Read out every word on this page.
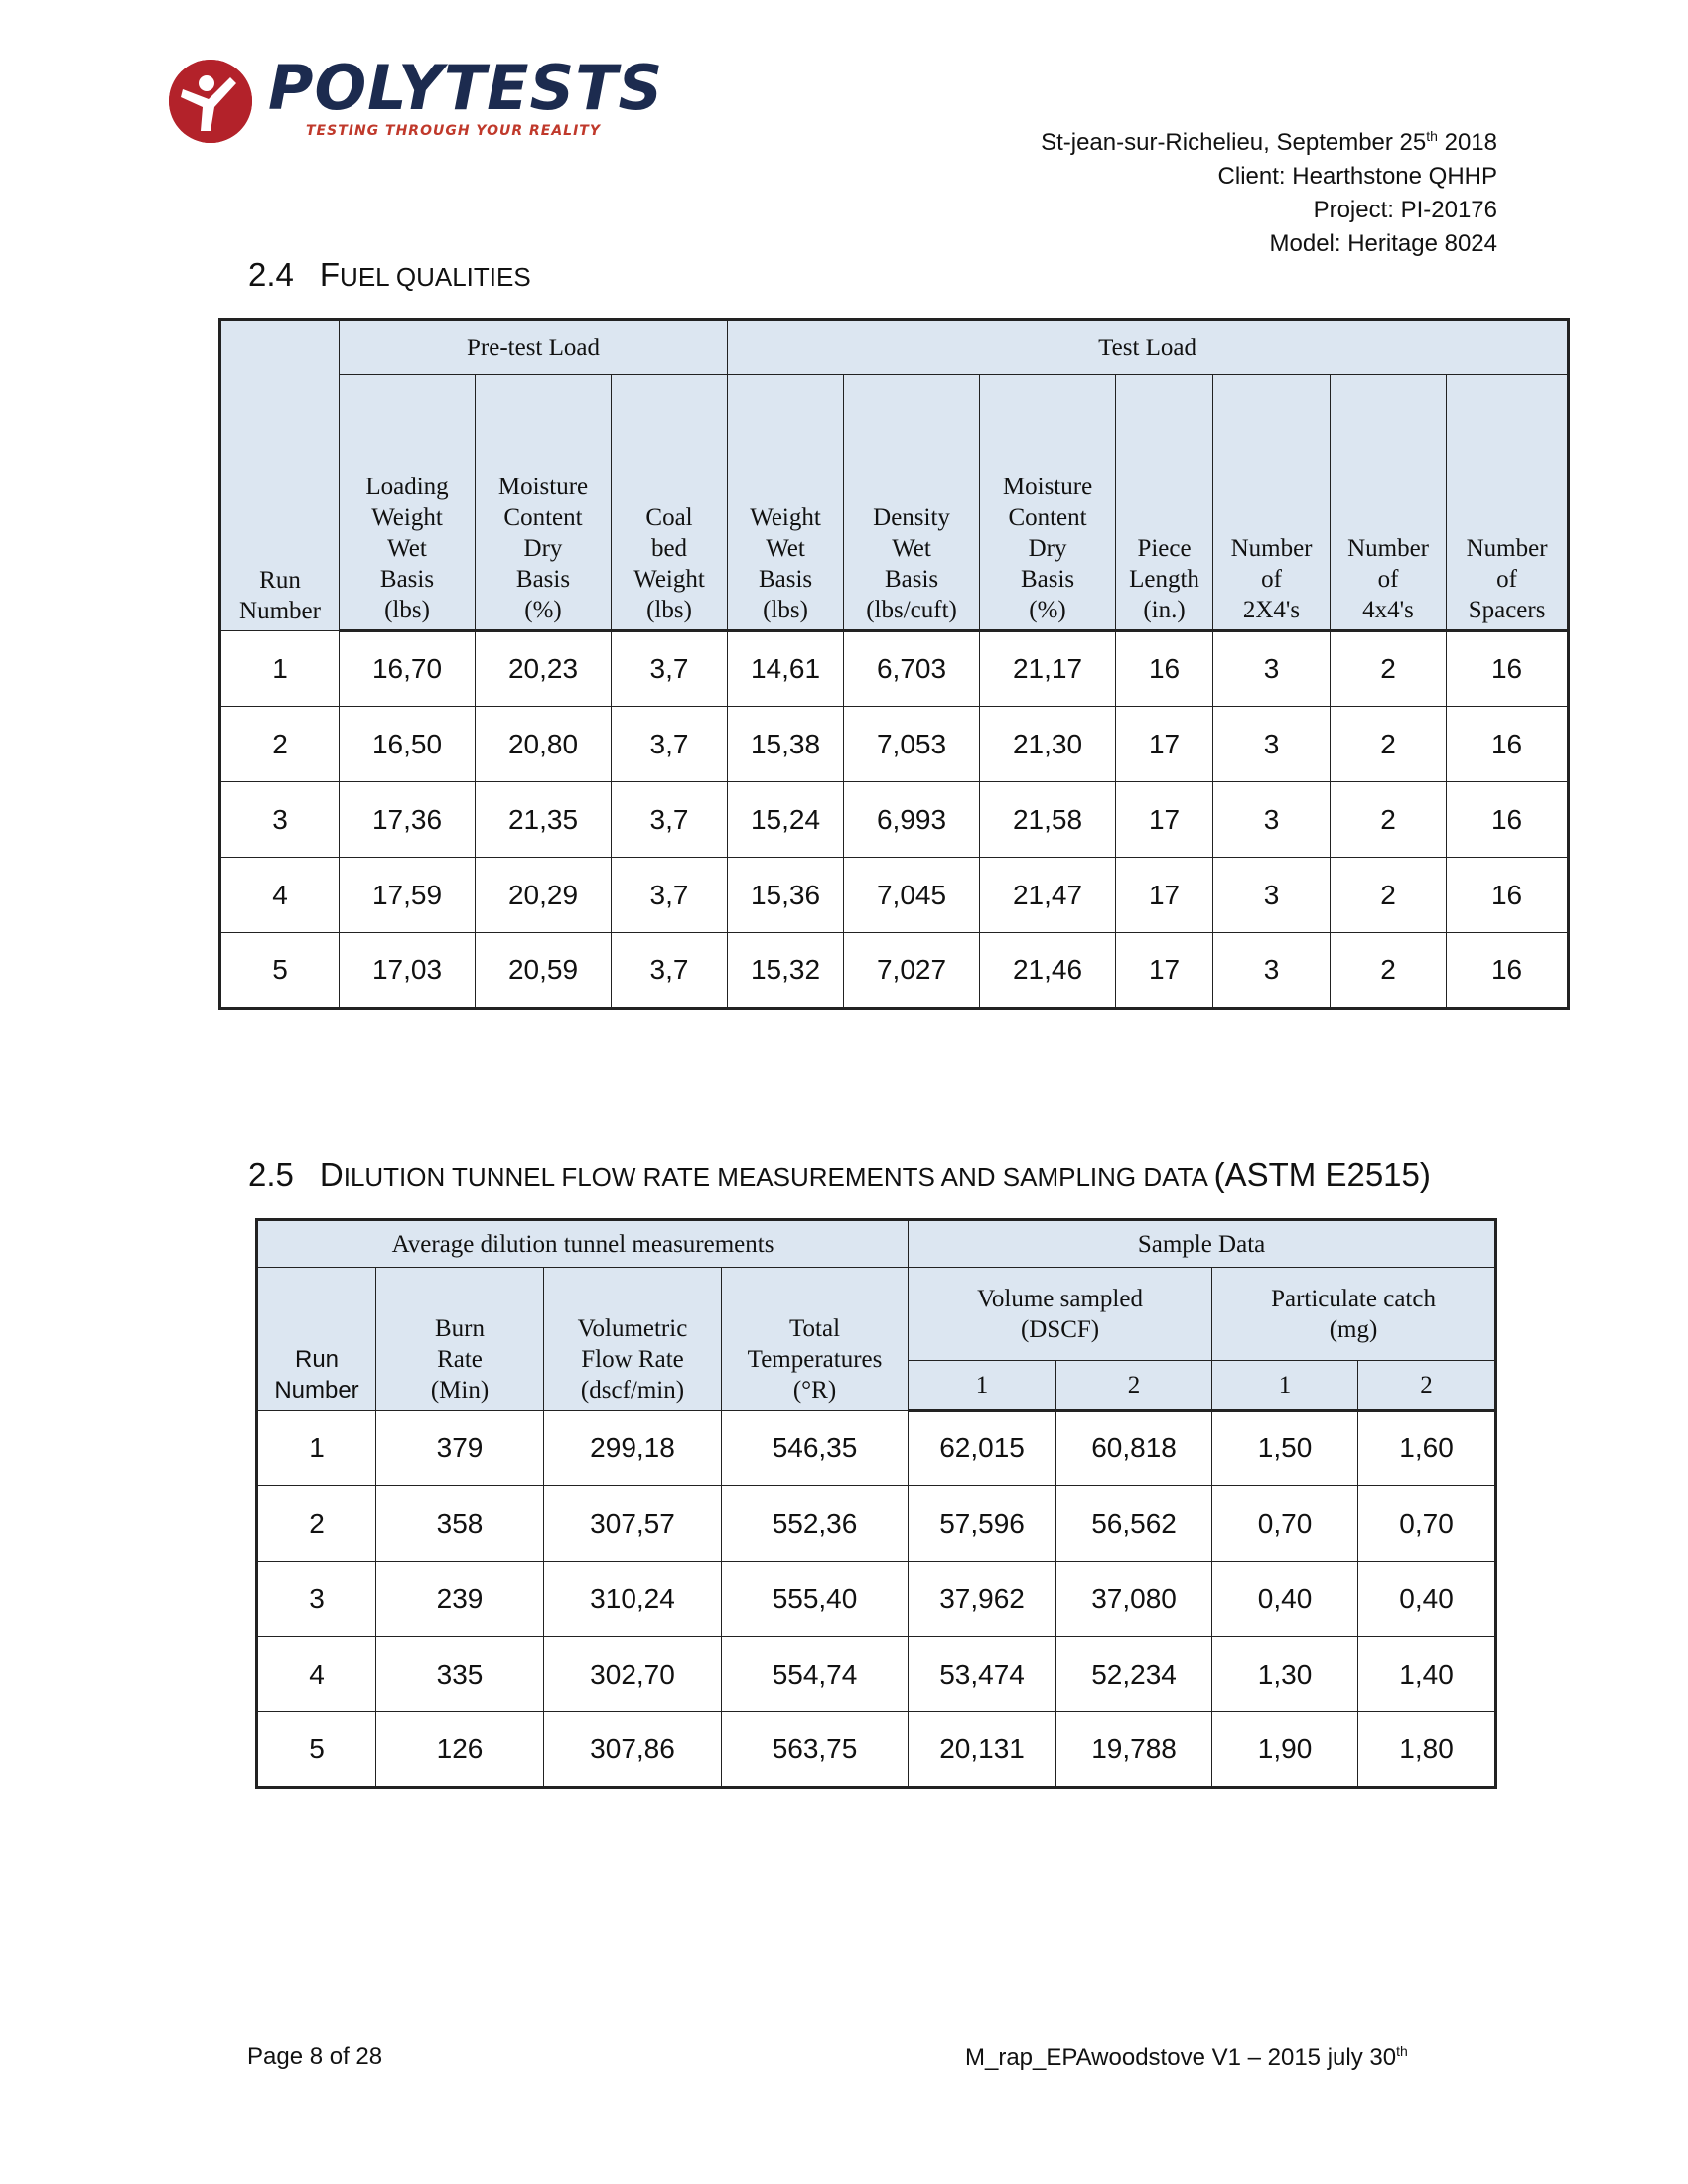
POLYTESTS
TESTING THROUGH YOUR REALITY	St-jean-sur-Richelieu, September 25th 2018
Client: Hearthstone QHHP
Project: PI-20176
Model: Heritage 8024
2.4 FUEL QUALITIES
Run
Number	Pre-test Load			Test Load						
	Loading
Weight
Wet
Basis
(lbs)	Moisture
Content
Dry
Basis
(%)	Coal
bed
Weight
(lbs)	Weight
Wet
Basis
(lbs)	Density
Wet
Basis
(lbs/cuft)	Moisture
Content
Dry
Basis
(%)	Piece
Length
(in.)	Number
of
2X4's	Number
of
4x4's	Number
of
Spacers
1	16,70	20,23	3,7	14,61	6,703	21,17	16	3	2	16
2	16,50	20,80	3,7	15,38	7,053	21,30	17	3	2	16
3	17,36	21,35	3,7	15,24	6,993	21,58	17	3	2	16
4	17,59	20,29	3,7	15,36	7,045	21,47	17	3	2	16
5	17,03	20,59	3,7	15,32	7,027	21,46	17	3	2	16
2.5 DILUTION TUNNEL FLOW RATE MEASUREMENTS AND SAMPLING DATA (ASTM E2515)
Average dilution tunnel measurements				Sample Data			
Run
Number	Burn
Rate
(Min)	Volumetric
Flow Rate
(dscf/min)	Total
Temperatures
(°R)	Volume sampled
(DSCF)		Particulate catch
(mg)	
				1	2	1	2
1	379	299,18	546,35	62,015	60,818	1,50	1,60
2	358	307,57	552,36	57,596	56,562	0,70	0,70
3	239	310,24	555,40	37,962	37,080	0,40	0,40
4	335	302,70	554,74	53,474	52,234	1,30	1,40
5	126	307,86	563,75	20,131	19,788	1,90	1,80
Page 8 of 28	M_rap_EPAwoodstove V1 – 2015 july 30th
